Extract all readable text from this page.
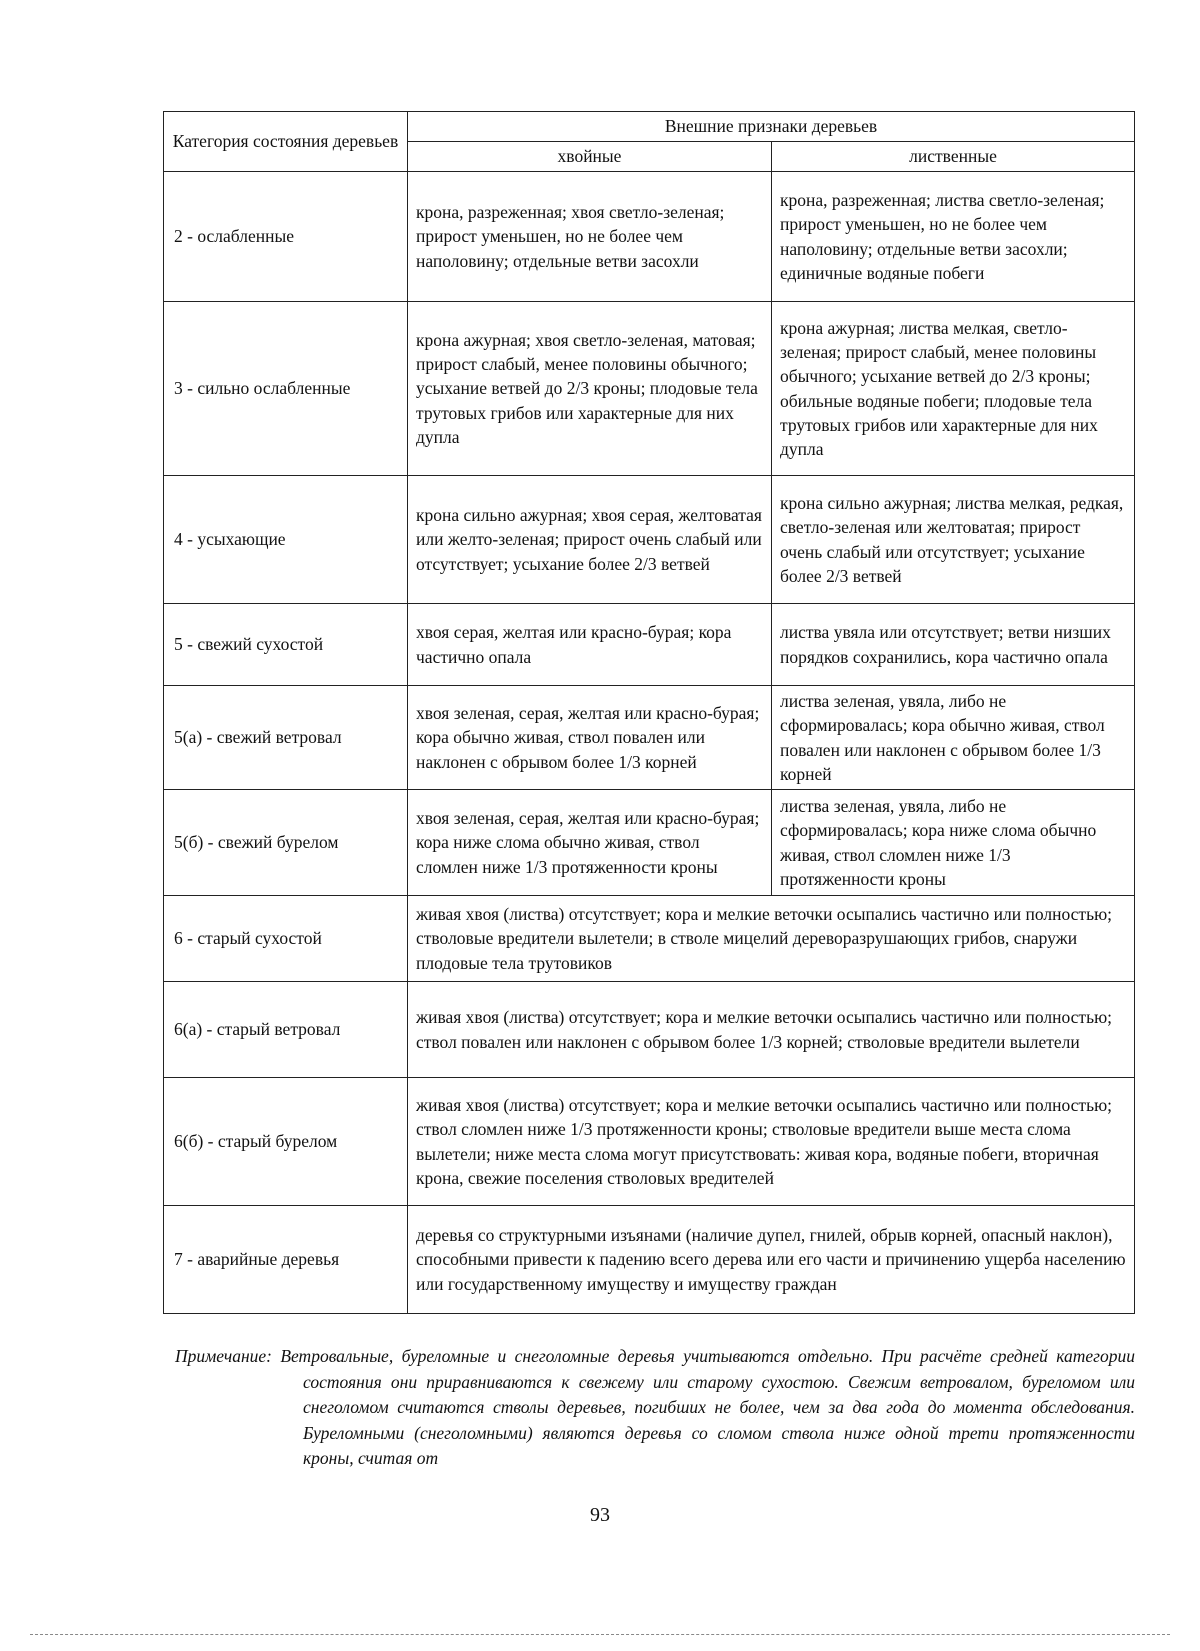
Категория состояния деревьев	Внешние признаки деревьев	
	хвойные	лиственные
2 - ослабленные	крона, разреженная; хвоя светло-зеленая; прирост уменьшен, но не более чем наполовину; отдельные ветви засохли	крона, разреженная; листва светло-зеленая; прирост уменьшен, но не более чем наполовину; отдельные ветви засохли; единичные водяные побеги
3 - сильно ослабленные	крона ажурная; хвоя светло-зеленая, матовая; прирост слабый, менее половины обычного; усыхание ветвей до 2/3 кроны; плодовые тела трутовых грибов или характерные для них дупла	крона ажурная; листва мелкая, светло-зеленая; прирост слабый, менее половины обычного; усыхание ветвей до 2/3 кроны; обильные водяные побеги; плодовые тела трутовых грибов или характерные для них дупла
4 - усыхающие	крона сильно ажурная; хвоя серая, желтоватая или желто-зеленая; прирост очень слабый или отсутствует; усыхание более 2/3 ветвей	крона сильно ажурная; листва мелкая, редкая, светло-зеленая или желтоватая; прирост очень слабый или отсутствует; усыхание более 2/3 ветвей
5 - свежий сухостой	хвоя серая, желтая или красно-бурая; кора частично опала	листва увяла или отсутствует; ветви низших порядков сохранились, кора частично опала
5(а) - свежий ветровал	хвоя зеленая, серая, желтая или красно-бурая; кора обычно живая, ствол повален или наклонен с обрывом более 1/3 корней	листва зеленая, увяла, либо не сформировалась; кора обычно живая, ствол повален или наклонен с обрывом более 1/3 корней
5(б) - свежий бурелом	хвоя зеленая, серая, желтая или красно-бурая; кора ниже слома обычно живая, ствол сломлен ниже 1/3 протяженности кроны	листва зеленая, увяла, либо не сформировалась; кора ниже слома обычно живая, ствол сломлен ниже 1/3 протяженности кроны
6 - старый сухостой	живая хвоя (листва) отсутствует; кора и мелкие веточки осыпались частично или полностью; стволовые вредители вылетели; в стволе мицелий дереворазрушающих грибов, снаружи плодовые тела трутовиков	
6(а) - старый ветровал	живая хвоя (листва) отсутствует; кора и мелкие веточки осыпались частично или полностью; ствол повален или наклонен с обрывом более 1/3 корней; стволовые вредители вылетели	
6(б) - старый бурелом	живая хвоя (листва) отсутствует; кора и мелкие веточки осыпались частично или полностью; ствол сломлен ниже 1/3 протяженности кроны; стволовые вредители выше места слома вылетели; ниже места слома могут присутствовать: живая кора, водяные побеги, вторичная крона, свежие поселения стволовых вредителей	
7 - аварийные деревья	деревья со структурными изъянами (наличие дупел, гнилей, обрыв корней, опасный наклон), способными привести к падению всего дерева или его части и причинению ущерба населению или государственному имуществу и имуществу граждан	
Примечание: Ветровальные, буреломные и снеголомные деревья учитываются отдельно. При расчёте средней категории состояния они приравниваются к свежему или старому сухостою. Свежим ветровалом, буреломом или снеголомом считаются стволы деревьев, погибших не более, чем за два года до момента обследования. Буреломными (снеголомными) являются деревья со сломом ствола ниже одной трети протяженности кроны, считая от
93
